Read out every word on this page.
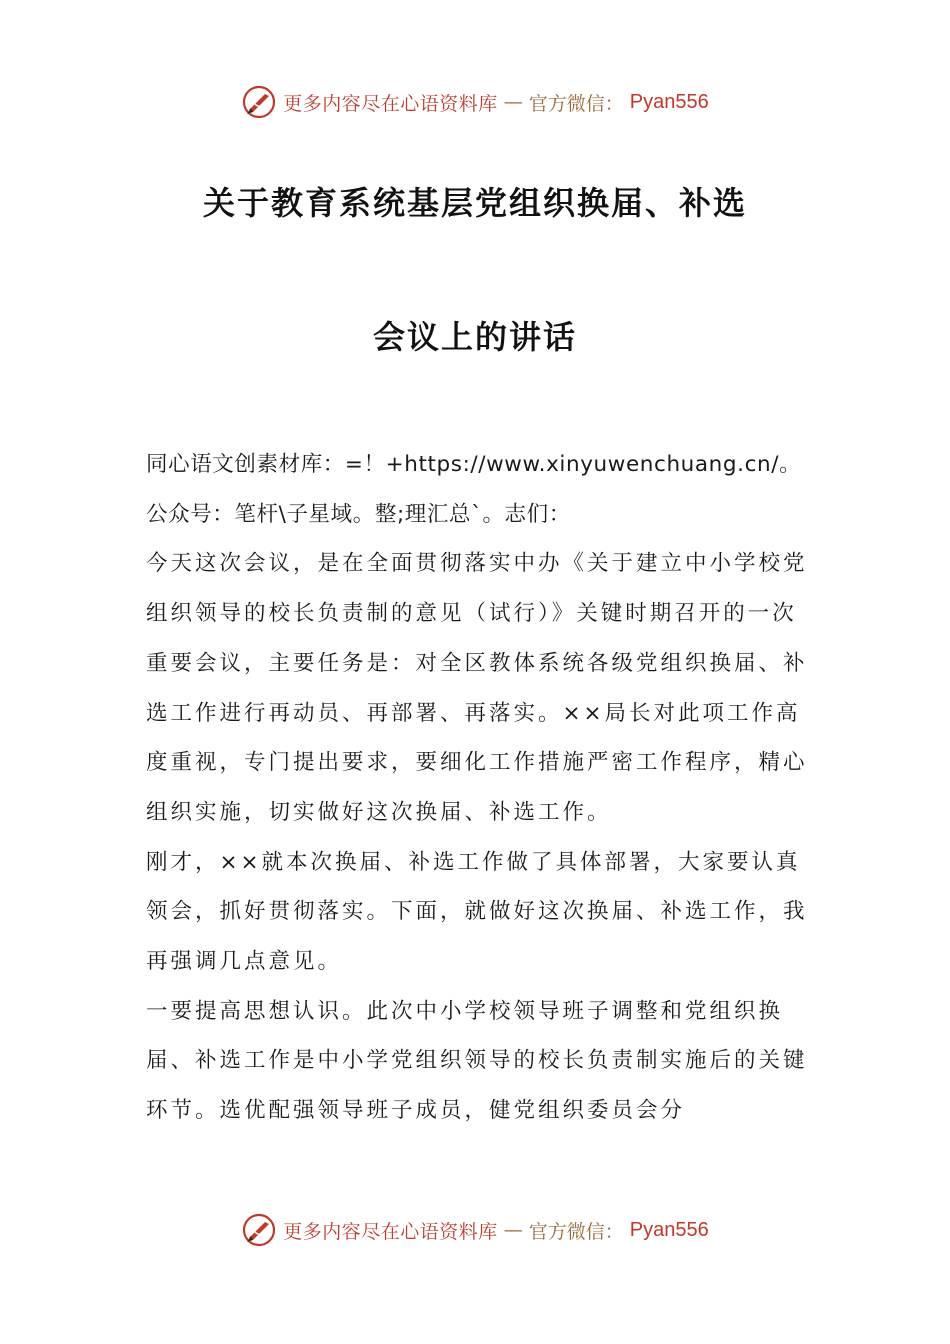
更多内容尽在心语资料库 — 官方微信： Pyan556
关于教育系统基层党组织换届、补选
会议上的讲话

同心语文创素材库：=！+https://www.xinyuwenchuang.cn/。

公众号：笔杆\子星域。整;理汇总`。志们：

今天这次会议，是在全面贯彻落实中办《关于建立中小学校党组织领导的校长负责制的意见（试行）》关键时期召开的一次重要会议，主要任务是：对全区教体系统各级党组织换届、补选工作进行再动员、再部署、再落实。××局长对此项工作高度重视，专门提出要求，要细化工作措施严密工作程序，精心组织实施，切实做好这次换届、补选工作。

刚才，××就本次换届、补选工作做了具体部署，大家要认真领会，抓好贯彻落实。下面，就做好这次换届、补选工作，我再强调几点意见。

一要提高思想认识。此次中小学校领导班子调整和党组织换届、补选工作是中小学党组织领导的校长负责制实施后的关键环节。选优配强领导班子成员，健党组织委员会分

更多内容尽在心语资料库 — 官方微信： Pyan556
